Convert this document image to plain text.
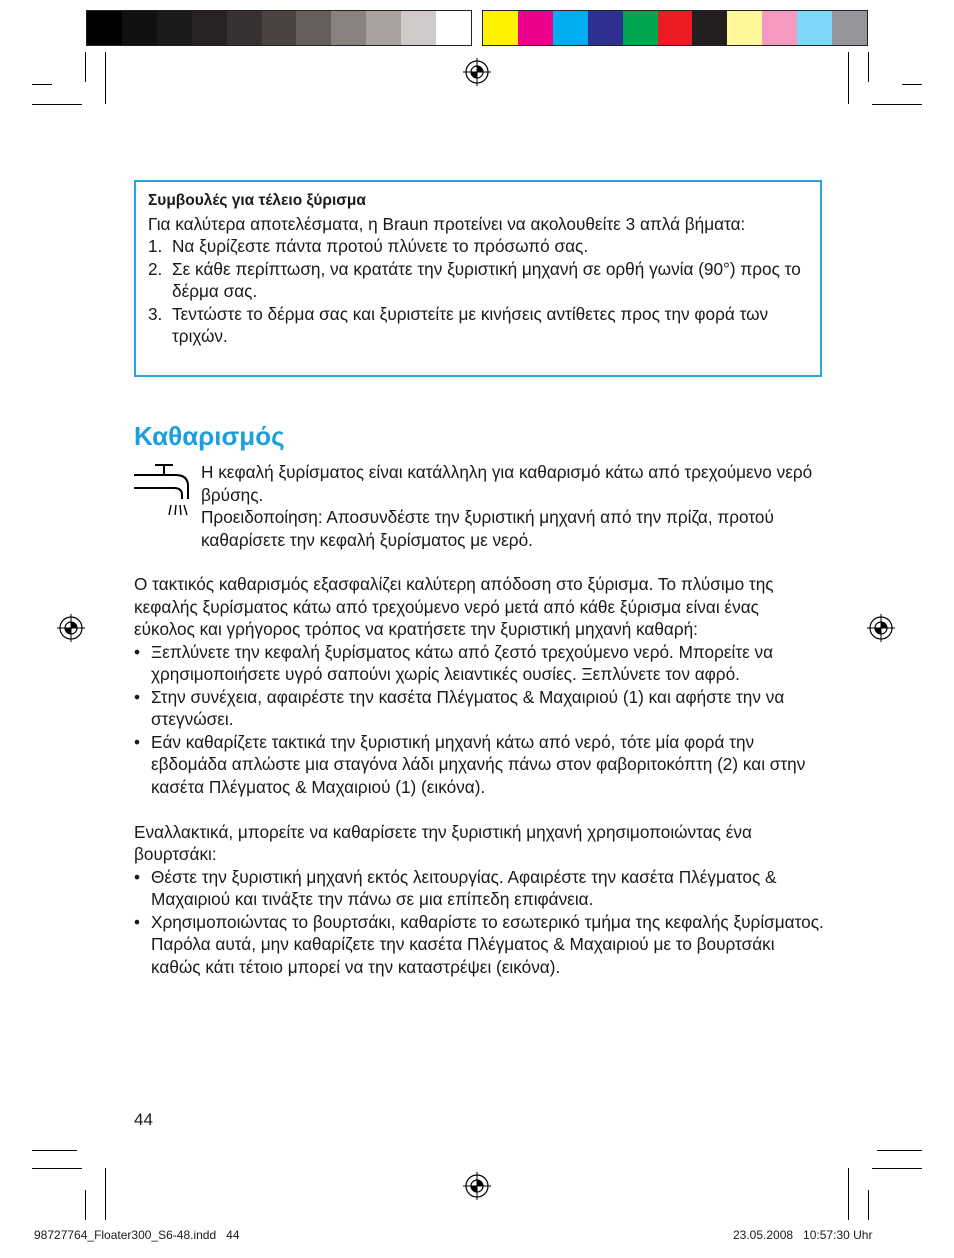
Συμβουλές για τέλειο ξύρισμα
Για καλύτερα αποτελέσματα, η Braun προτείνει να ακολουθείτε 3 απλά βήματα:
1. Να ξυρίζεστε πάντα προτού πλύνετε το πρόσωπό σας.
2. Σε κάθε περίπτωση, να κρατάτε την ξυριστική μηχανή σε ορθή γωνία (90°) προς το δέρμα σας.
3. Τεντώστε το δέρμα σας και ξυριστείτε με κινήσεις αντίθετες προς την φορά των τριχών.
Καθαρισμός

Η κεφαλή ξυρίσματος είναι κατάλληλη για καθαρισμό κάτω από τρεχούμενο νερό βρύσης.

Προειδοποίηση: Αποσυνδέστε την ξυριστική μηχανή από την πρίζα, προτού καθαρίσετε την κεφαλή ξυρίσματος με νερό.

Ο τακτικός καθαρισμός εξασφαλίζει καλύτερη απόδοση στο ξύρισμα. Το πλύσιμο της κεφαλής ξυρίσματος κάτω από τρεχούμενο νερό μετά από κάθε ξύρισμα είναι ένας εύκολος και γρήγορος τρόπος να κρατήσετε την ξυριστική μηχανή καθαρή:

• Ξεπλύνετε την κεφαλή ξυρίσματος κάτω από ζεστό τρεχούμενο νερό. Μπορείτε να χρησιμοποιήσετε υγρό σαπούνι χωρίς λειαντικές ουσίες. Ξεπλύνετε τον αφρό.
• Στην συνέχεια, αφαιρέστε την κασέτα Πλέγματος & Μαχαιριού (1) και αφήστε την να στεγνώσει.
• Εάν καθαρίζετε τακτικά την ξυριστική μηχανή κάτω από νερό, τότε μία φορά την εβδομάδα απλώστε μια σταγόνα λάδι μηχανής πάνω στον φαβοριτοκόπτη (2) και στην κασέτα Πλέγματος & Μαχαιριού (1) (εικόνα).

Εναλλακτικά, μπορείτε να καθαρίσετε την ξυριστική μηχανή χρησιμοποιώντας ένα βουρτσάκι:

• Θέστε την ξυριστική μηχανή εκτός λειτουργίας. Αφαιρέστε την κασέτα Πλέγματος & Μαχαιριού και τινάξτε την πάνω σε μια επίπεδη επιφάνεια.
• Χρησιμοποιώντας το βουρτσάκι, καθαρίστε το εσωτερικό τμήμα της κεφαλής ξυρίσματος. Παρόλα αυτά, μην καθαρίζετε την κασέτα Πλέγματος & Μαχαιριού με το βουρτσάκι καθώς κάτι τέτοιο μπορεί να την καταστρέψει (εικόνα).
44
98727764_Floater300_S6-48.indd   44	23.05.2008   10:57:30 Uhr
